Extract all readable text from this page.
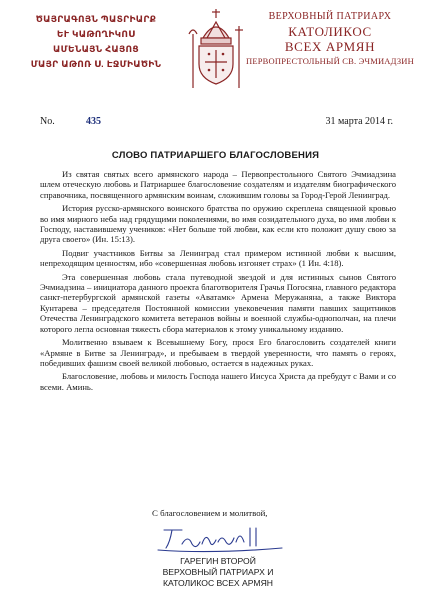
ԾԱՅՐԱԳՈՅՆ ՊԱՏՐԻԱՐՔ
ԵՒ ԿԱԹՈՂԻԿՈՍ
ԱՄԵՆԱՅՆ ՀԱՅՈՑ
ՄԱՅՐ ԱԹՈՌ Ս. ԷՋՄԻԱԾԻՆ
ВЕРХОВНЫЙ ПАТРИАРХ
КАТОЛИКОС
ВСЕХ АРМЯН
ПЕРВОПРЕСТОЛЬНЫЙ СВ. ЭЧМИАДЗИН
No.	435	31 марта 2014 г.
СЛОВО ПАТРИАРШЕГО БЛАГОСЛОВЕНИЯ

Из святая святых всего армянского народа – Первопрестольного Святого Эчмиадзина шлем отеческую любовь и Патриаршее благословение создателям и издателям биографического справочника, посвященного армянским воинам, сложившим головы за Город-Герой Ленинград.

История русско-армянского воинского братства по оружию скреплена священной кровью во имя мирного неба над грядущими поколениями, во имя созидательного духа, во имя любви к Господу, наставившему учеников: «Нет больше той любви, как если кто положит душу свою за друга своего» (Ин. 15:13).

Подвиг участников Битвы за Ленинград стал примером истинной любви к высшим, непреходящим ценностям, ибо «совершенная любовь изгоняет страх» (1 Ин. 4:18).

Эта совершенная любовь стала путеводной звездой и для истинных сынов Святого Эчмиадзина – инициатора данного проекта благотворителя Грачья Погосяна, главного редактора санкт-петербургской армянской газеты «Аватамк» Армена Меружаняна, а также Виктора Кунтарева – председателя Постоянной комиссии увековечения памяти павших защитников Отечества Ленинградского комитета ветеранов войны и военной службы-однополчан, на плечи которого легла основная тяжесть сбора материалов к этому уникальному изданию.

Молитвенно взываем к Всевышнему Богу, прося Его благословить создателей книги «Армяне в Битве за Ленинград», и пребываем в твердой уверенности, что память о героях, победивших фашизм своей великой любовью, остается в надежных руках.

Благословение, любовь и милость Господа нашего Иисуса Христа да пребудут с Вами и со всеми. Аминь.

С благословением и молитвой,
ГАРЕГИН ВТОРОЙ
ВЕРХОВНЫЙ ПАТРИАРХ И
КАТОЛИКОС ВСЕХ АРМЯН
